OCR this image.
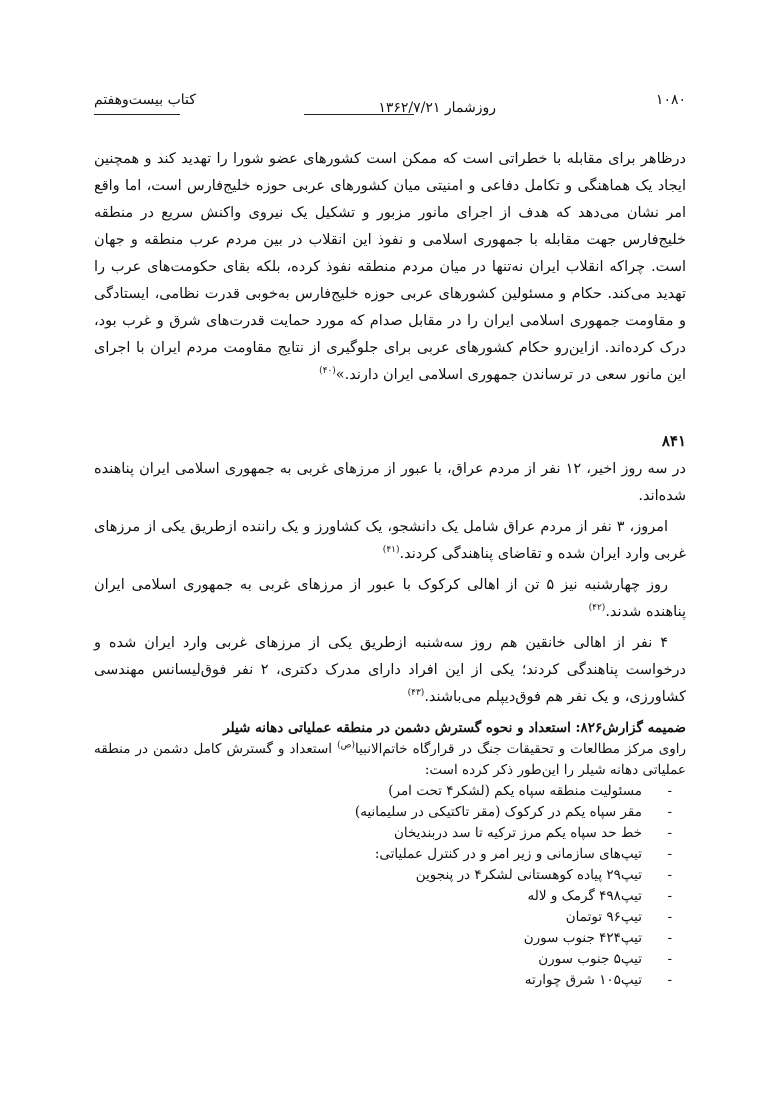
۱۰۸۰
روزشمار ۱۳۶۲/۷/۲۱
کتاب بیست‌وهفتم

درظاهر برای مقابله با خطراتی است که ممکن است کشورهای عضو شورا را تهدید کند و همچنین ایجاد یک هماهنگی و تکامل دفاعی و امنیتی میان کشورهای عربی حوزه خلیج‌فارس است، اما واقع امر نشان می‌دهد که هدف از اجرای مانور مزبور و تشکیل یک نیروی واکنش سریع در منطقه خلیج‌فارس جهت مقابله با جمهوری اسلامی و نفوذ این انقلاب در بین مردم عرب منطقه و جهان است. چراکه انقلاب ایران نه‌تنها در میان مردم منطقه نفوذ کرده، بلکه بقای حکومت‌های عرب را تهدید می‌کند. حکام و مسئولین کشورهای عربی حوزه خلیج‌فارس به‌خوبی قدرت نظامی، ایستادگی و مقاومت جمهوری اسلامی ایران را در مقابل صدام که مورد حمایت قدرت‌های شرق و غرب بود، درک کرده‌اند. ازاین‌رو حکام کشورهای عربی برای جلوگیری از نتایج مقاومت مردم ایران با اجرای این مانور سعی در ترساندن جمهوری اسلامی ایران دارند.»$^{(۴۰)}$

۸۴۱

در سه روز اخیر، ۱۲ نفر از مردم عراق، با عبور از مرزهای غربی به جمهوری اسلامی ایران پناهنده شده‌اند.

امروز، ۳ نفر از مردم عراق شامل یک دانشجو، یک کشاورز و یک راننده ازطریق یکی از مرزهای غربی وارد ایران شده و تقاضای پناهندگی کردند.$^{(۴۱)}$

روز چهارشنبه نیز ۵ تن از اهالی کرکوک با عبور از مرزهای غربی به جمهوری اسلامی ایران پناهنده شدند.$^{(۴۲)}$

۴ نفر از اهالی خانقین هم روز سه‌شنبه ازطریق یکی از مرزهای غربی وارد ایران شده و درخواست پناهندگی کردند؛ یکی از این افراد دارای مدرک دکتری، ۲ نفر فوق‌لیسانس مهندسی کشاورزی، و یک نفر هم فوق‌دیپلم می‌باشند.$^{(۴۳)}$

ضمیمه گزارش۸۲۶: استعداد و نحوه گسترش دشمن در منطقه عملیاتی دهانه شیلر
راوی مرکز مطالعات و تحقیقات جنگ در قرارگاه خاتم‌الانبیا$^{(ص)}$ استعداد و گسترش کامل دشمن در منطقه عملیاتی دهانه شیلر را این‌طور ذکر کرده است:
-
مسئولیت منطقه سپاه یکم (لشکر۴ تحت امر)
-
مقر سپاه یکم در کرکوک (مقر تاکتیکی در سلیمانیه)
-
خط حد سپاه یکم مرز ترکیه تا سد دربندیخان
-
تیپ‌های سازمانی و زیر امر و در کنترل عملیاتی:
-
تیپ۲۹ پیاده کوهستانی لشکر۴ در پنجوین
-
تیپ۴۹۸ گرمک و لاله
-
تیپ۹۶ توتمان
-
تیپ۴۲۴ جنوب سورن
-
تیپ۵ جنوب سورن
-
تیپ۱۰۵ شرق چوارته
